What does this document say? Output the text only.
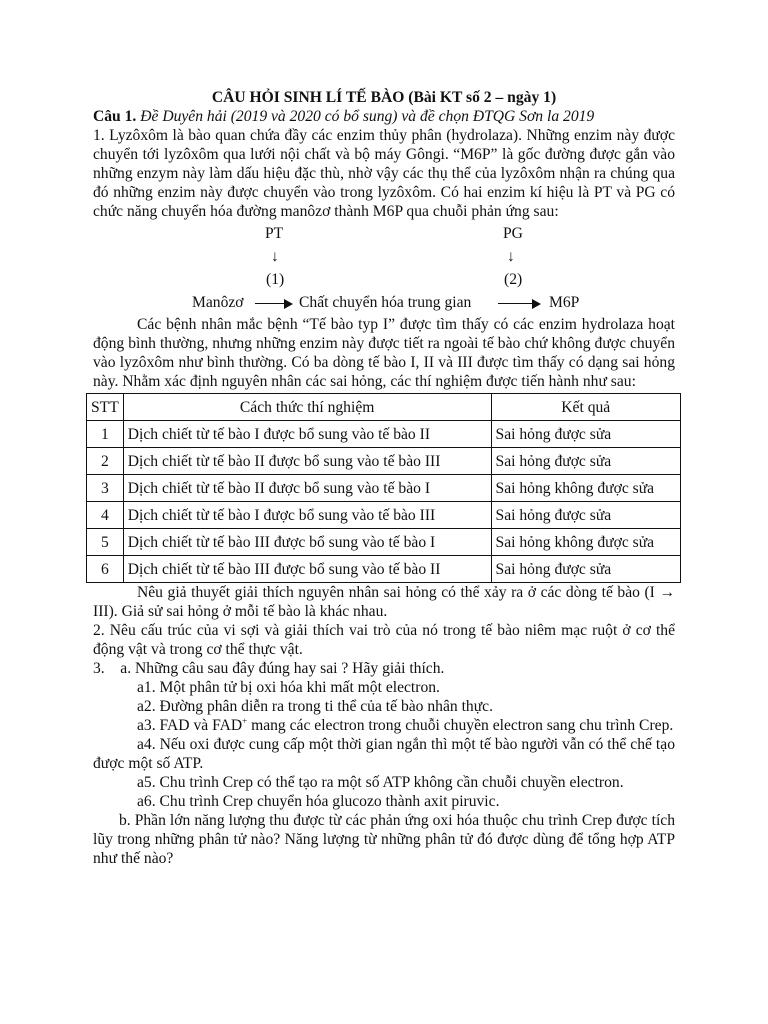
CÂU HỎI SINH LÍ TẾ BÀO (Bài KT số 2 – ngày 1)

Câu 1. Đề Duyên hải (2019 và 2020 có bổ sung) và đề chọn ĐTQG Sơn la 2019

1. Lyzôxôm là bào quan chứa đầy các enzim thủy phân (hydrolaza). Những enzim này được chuyển tới lyzôxôm qua lưới nội chất và bộ máy Gôngi. “M6P” là gốc đường được gắn vào những enzym này làm dấu hiệu đặc thù, nhờ vậy các thụ thể của lyzôxôm nhận ra chúng qua đó những enzim này được chuyển vào trong lyzôxôm. Có hai enzim kí hiệu là PT và PG có chức năng chuyển hóa đường manôzơ thành M6P qua chuỗi phản ứng sau:

PT	PG
↓	↓
(1)	(2)
Manôzơ	Chất chuyển hóa trung gian	M6P

Các bệnh nhân mắc bệnh “Tế bào typ I” được tìm thấy có các enzim hydrolaza hoạt động bình thường, nhưng những enzim này được tiết ra ngoài tế bào chứ không được chuyển vào lyzôxôm như bình thường. Có ba dòng tế bào I, II và III được tìm thấy có dạng sai hỏng này. Nhằm xác định nguyên nhân các sai hỏng, các thí nghiệm được tiến hành như sau:

STT	Cách thức thí nghiệm	Kết quả
1	Dịch chiết từ tế bào I được bổ sung vào tế bào II	Sai hỏng được sửa
2	Dịch chiết từ tế bào II được bổ sung vào tế bào III	Sai hỏng được sửa
3	Dịch chiết từ tế bào II được bổ sung vào tế bào I	Sai hỏng không được sửa
4	Dịch chiết từ tế bào I được bổ sung vào tế bào III	Sai hỏng được sửa
5	Dịch chiết từ tế bào III được bổ sung vào tế bào I	Sai hỏng không được sửa
6	Dịch chiết từ tế bào III được bổ sung vào tế bào II	Sai hỏng được sửa

Nêu giả thuyết giải thích nguyên nhân sai hỏng có thể xảy ra ở các dòng tế bào (I → III). Giả sử sai hỏng ở mỗi tế bào là khác nhau.

2. Nêu cấu trúc của vi sợi và giải thích vai trò của nó trong tế bào niêm mạc ruột ở cơ thể động vật và trong cơ thể thực vật.

3.    a. Những câu sau đây đúng hay sai ? Hãy giải thích.

a1. Một phân tử bị oxi hóa khi mất một electron.

a2. Đường phân diễn ra trong ti thể của tế bào nhân thực.

a3. FAD và FAD+ mang các electron trong chuỗi chuyền electron sang chu trình Crep.

a4. Nếu oxi được cung cấp một thời gian ngắn thì một tế bào người vẫn có thể chế tạo được một số ATP.

a5. Chu trình Crep có thể tạo ra một số ATP không cần chuỗi chuyền electron.

a6. Chu trình Crep chuyển hóa glucozo thành axit piruvic.

b. Phần lớn năng lượng thu được từ các phản ứng oxi hóa thuộc chu trình Crep được tích lũy trong những phân tử nào? Năng lượng từ những phân tử đó được dùng để tổng hợp ATP như thế nào?
